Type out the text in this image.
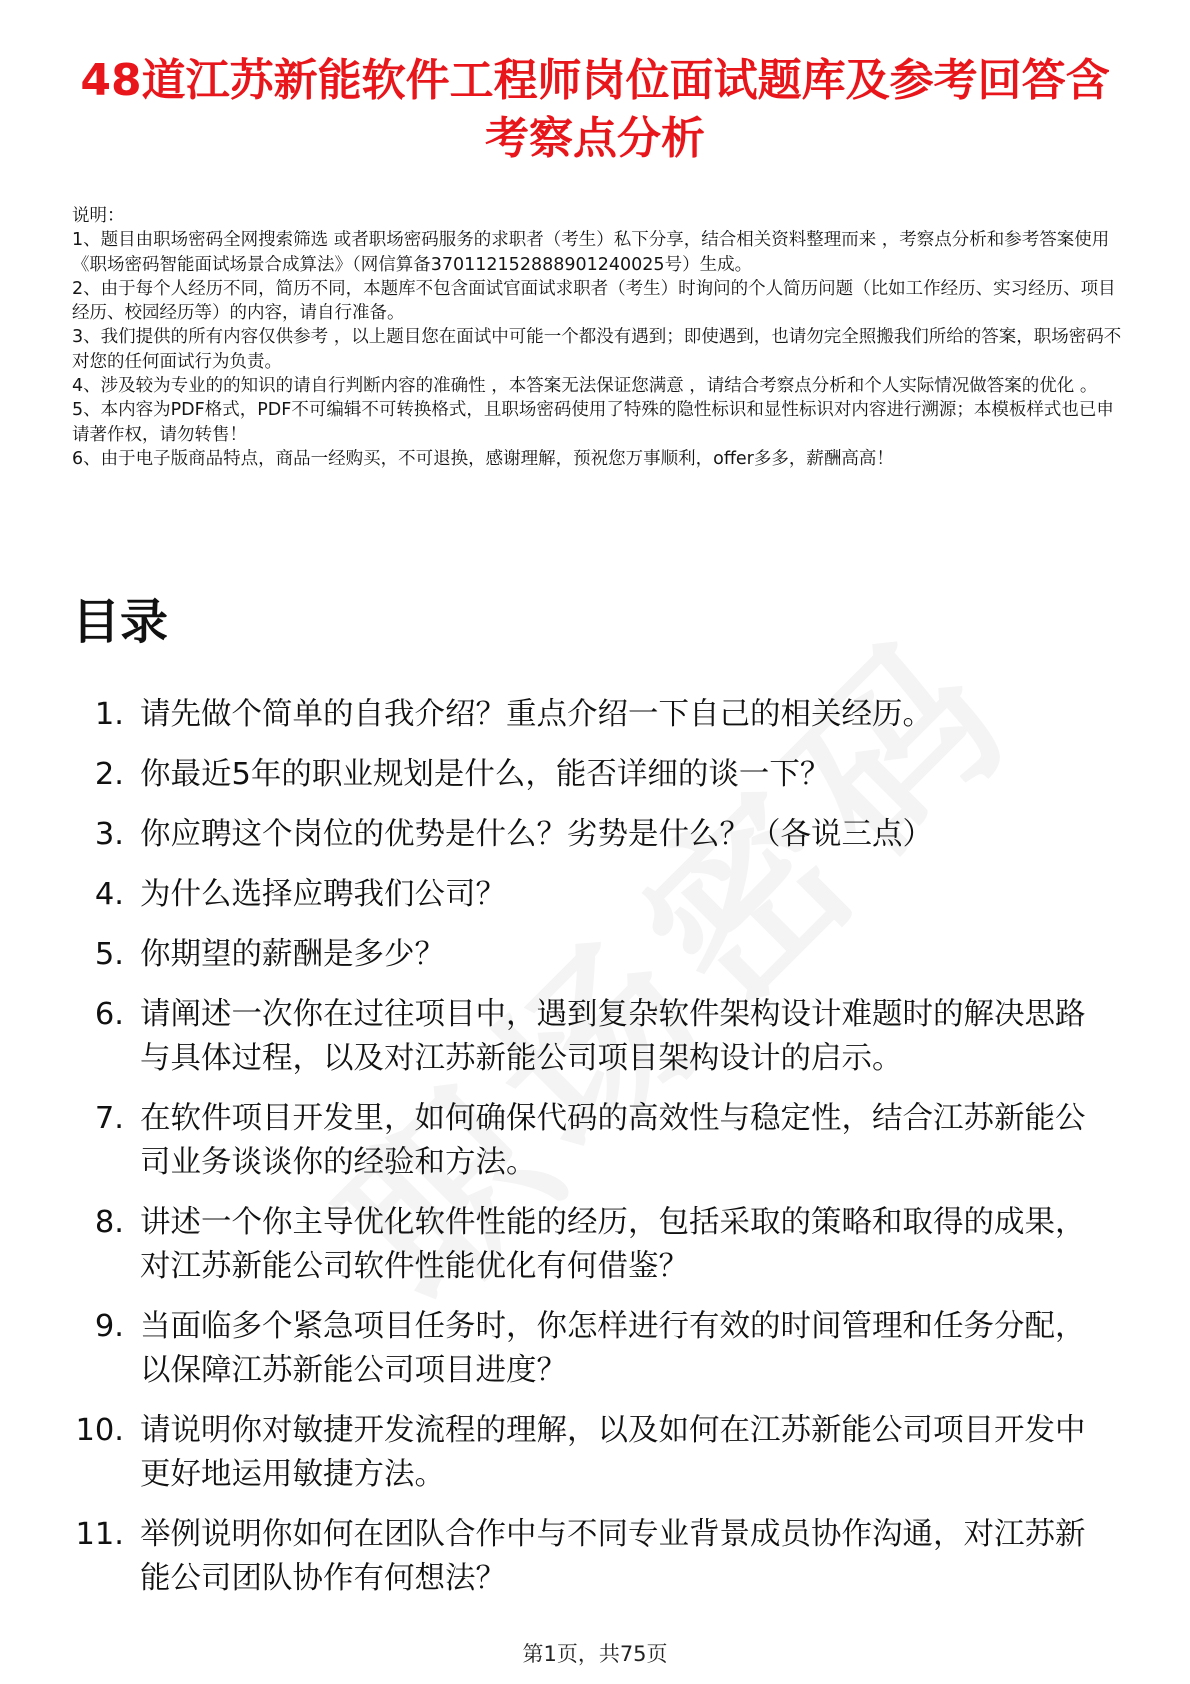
48道江苏新能软件工程师岗位面试题库及参考回答含考察点分析

说明：

1、题目由职场密码全网搜索筛选 或者职场密码服务的求职者（考生）私下分享，结合相关资料整理而来 ，考察点分析和参考答案使用《职场密码智能面试场景合成算法》（网信算备370112152888901240025号）生成。

2、由于每个人经历不同，简历不同，本题库不包含面试官面试求职者（考生）时询问的个人简历问题（比如工作经历、实习经历、项目经历、校园经历等）的内容，请自行准备。

3、我们提供的所有内容仅供参考 ，以上题目您在面试中可能一个都没有遇到；即使遇到，也请勿完全照搬我们所给的答案，职场密码不对您的任何面试行为负责。

4、涉及较为专业的的知识的请自行判断内容的准确性 ，本答案无法保证您满意 ，请结合考察点分析和个人实际情况做答案的优化 。

5、本内容为PDF格式，PDF不可编辑不可转换格式，且职场密码使用了特殊的隐性标识和显性标识对内容进行溯源；本模板样式也已申请著作权，请勿转售！

6、由于电子版商品特点，商品一经购买，不可退换，感谢理解，预祝您万事顺利，offer多多，薪酬高高！

目录
1. 请先做个简单的自我介绍？重点介绍一下自己的相关经历。
2. 你最近5年的职业规划是什么，能否详细的谈一下？
3. 你应聘这个岗位的优势是什么？劣势是什么？（各说三点）
4. 为什么选择应聘我们公司？
5. 你期望的薪酬是多少？
6. 请阐述一次你在过往项目中，遇到复杂软件架构设计难题时的解决思路与具体过程，以及对江苏新能公司项目架构设计的启示。
7. 在软件项目开发里，如何确保代码的高效性与稳定性，结合江苏新能公司业务谈谈你的经验和方法。
8. 讲述一个你主导优化软件性能的经历，包括采取的策略和取得的成果，对江苏新能公司软件性能优化有何借鉴？
9. 当面临多个紧急项目任务时，你怎样进行有效的时间管理和任务分配，以保障江苏新能公司项目进度？
10. 请说明你对敏捷开发流程的理解，以及如何在江苏新能公司项目开发中更好地运用敏捷方法。
11. 举例说明你如何在团队合作中与不同专业背景成员协作沟通，对江苏新能公司团队协作有何想法？
第1页，共75页
